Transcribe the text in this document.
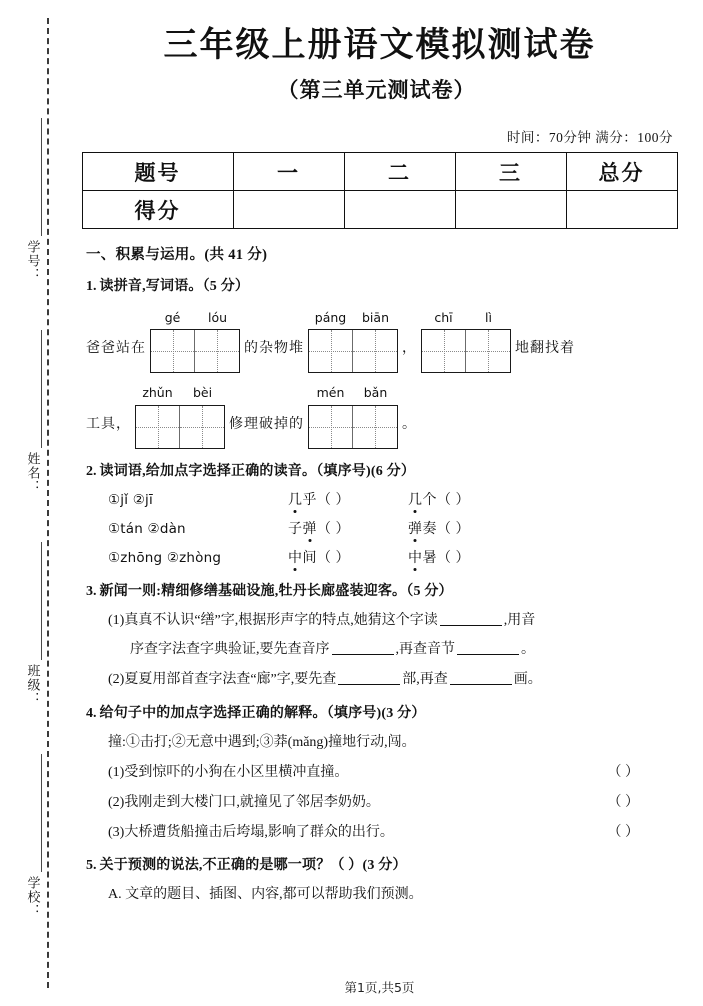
学号：
姓名：
班级：
学校：
三年级上册语文模拟测试卷
（第三单元测试卷）
时间：70分钟 满分：100分
题号	一	二	三	总分
得分				
一、积累与运用。(共 41 分)
1. 读拼音,写词语。（5 分）
爸爸站在
gé	lóu
的杂物堆
páng	biān
，
chī	lì
地翻找着
工具，
zhǔn	bèi
修理破掉的
mén	bǎn
。
2. 读词语,给加点字选择正确的读音。（填序号)(6 分）
①jǐ ②jī	几乎（ ）	几个（ ）
①tán ②dàn	子弹（ ）	弹奏（ ）
①zhōng ②zhòng	中间（ ）	中暑（ ）
3. 新闻一则:精细修缮基础设施,牡丹长廊盛装迎客。（5 分）
(1)真真不认识“缮”字,根据形声字的特点,她猜这个字读	,用音
序查字法查字典验证,要先查音序	,再查音节	。
(2)夏夏用部首查字法查“廊”字,要先查	部,再查	画。
4. 给句子中的加点字选择正确的解释。（填序号)(3 分）
撞:①击打;②无意中遇到;③莽(mǎng)撞地行动,闯。
(1)受到惊吓的小狗在小区里横冲直撞。	（ ）
(2)我刚走到大楼门口,就撞见了邻居李奶奶。	（ ）
(3)大桥遭货船撞击后垮塌,影响了群众的出行。	（ ）
5. 关于预测的说法,不正确的是哪一项？（ ）(3 分）
A. 文章的题目、插图、内容,都可以帮助我们预测。
第1页,共5页
